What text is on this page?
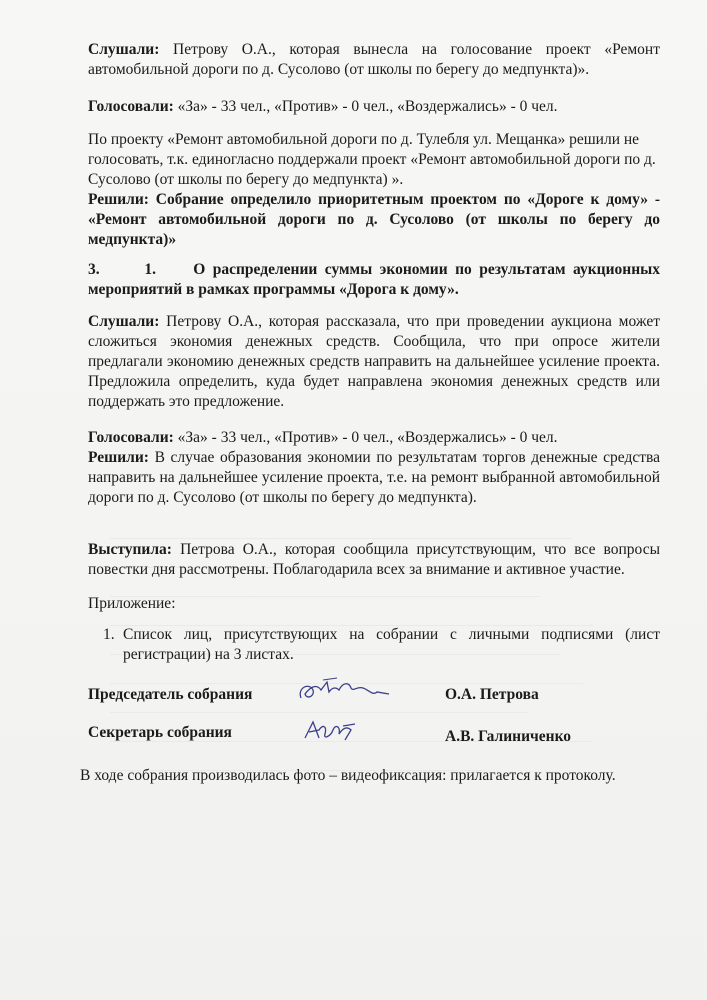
Слушали: Петрову О.А., которая вынесла на голосование проект «Ремонт автомобильной дороги по д. Сусолово (от школы по берегу до медпункта)».
Голосовали: «За» - 33 чел., «Против» - 0 чел., «Воздержались» - 0 чел.
По проекту «Ремонт автомобильной дороги по д. Тулебля ул. Мещанка» решили не голосовать, т.к. единогласно поддержали проект «Ремонт автомобильной дороги по д. Сусолово (от школы по берегу до медпункта) ».
Решили: Собрание определило приоритетным проектом по «Дороге к дому» - «Ремонт автомобильной дороги по д. Сусолово (от школы по берегу до медпункта)»
3.      1.     О распределении суммы экономии по результатам аукционных мероприятий в рамках программы «Дорога к дому».
Слушали: Петрову О.А., которая рассказала, что при проведении аукциона может сложиться экономия денежных средств. Сообщила, что при опросе жители предлагали экономию денежных средств направить на дальнейшее усиление проекта. Предложила определить, куда будет направлена экономия денежных средств или поддержать это предложение.
Голосовали: «За» - 33 чел., «Против» - 0 чел., «Воздержались» - 0 чел.
Решили: В случае образования экономии по результатам торгов денежные средства направить на дальнейшее усиление проекта, т.е. на ремонт выбранной автомобильной дороги по д. Сусолово (от школы по берегу до медпункта).
Выступила: Петрова О.А., которая сообщила присутствующим, что все вопросы повестки дня рассмотрены. Поблагодарила всех за внимание и активное участие.
Приложение:
1. Список лиц, присутствующих на собрании с личными подписями (лист регистрации) на 3 листах.
Председатель собрания	О.А. Петрова
Секретарь собрания	А.В. Галиниченко
В ходе собрания производилась фото – видеофиксация: прилагается к протоколу.
